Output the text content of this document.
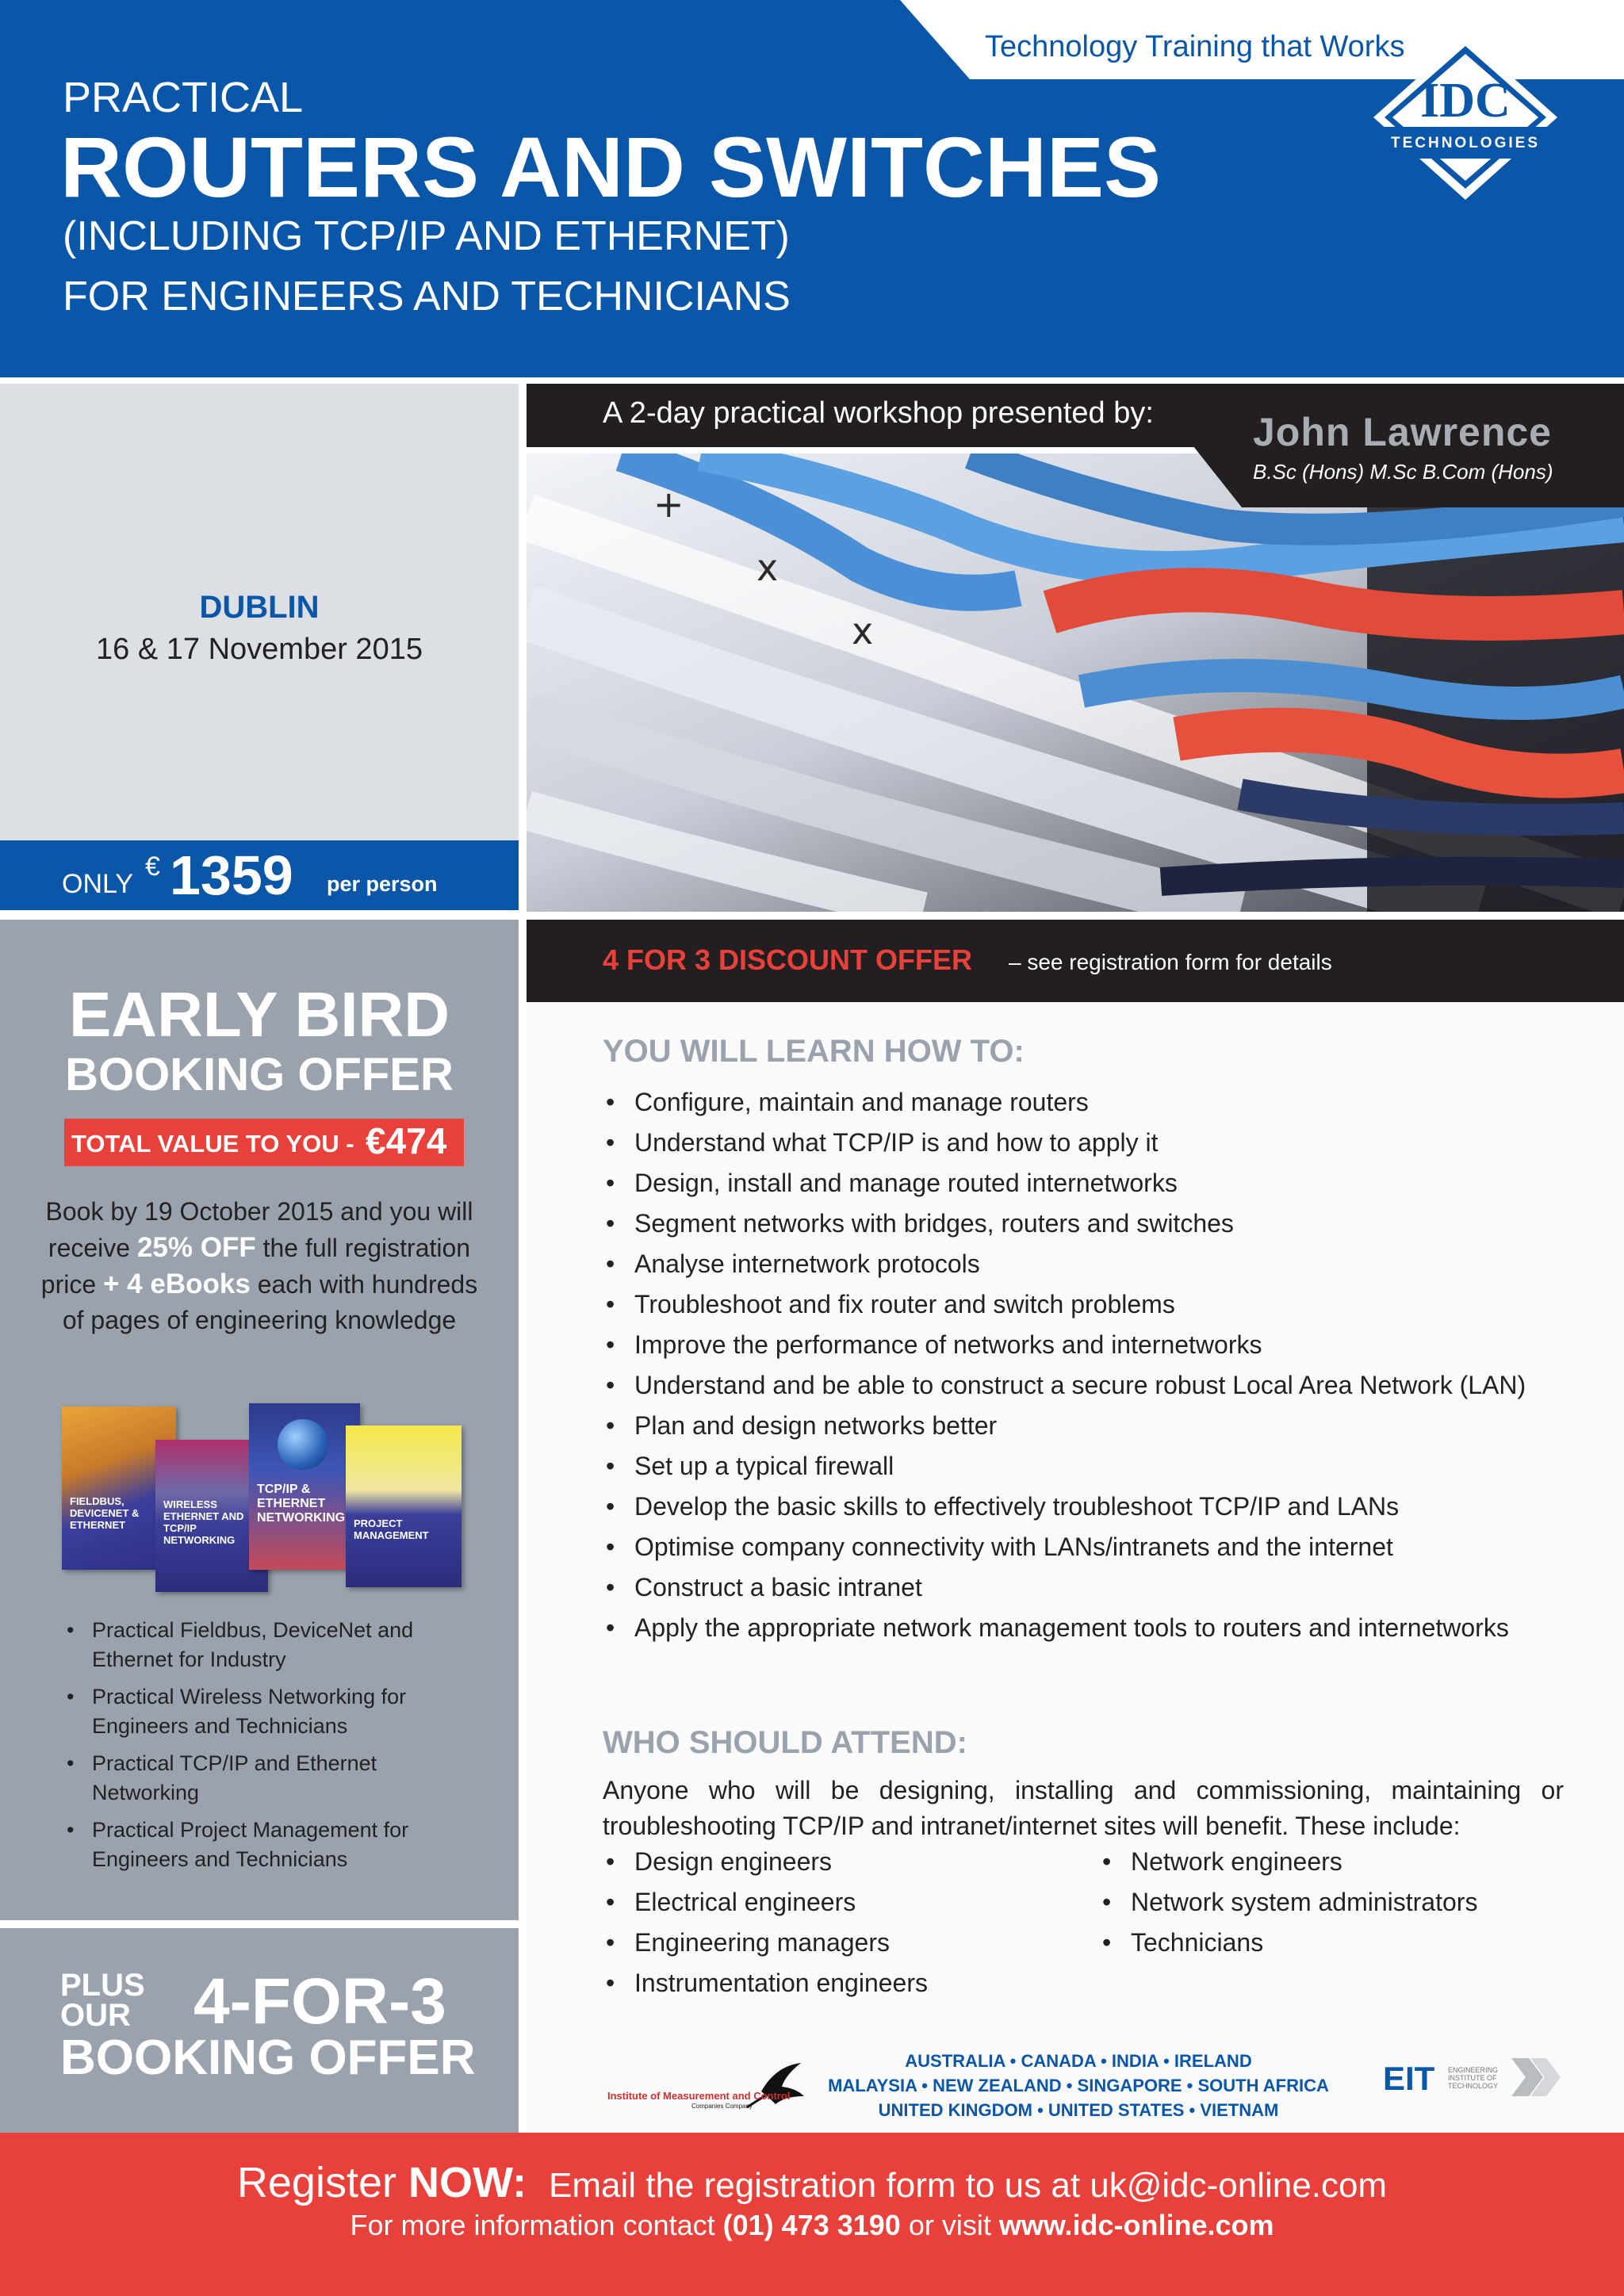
Technology Training that Works
IDC
TECHNOLOGIES
PRACTICAL
ROUTERS AND SWITCHES
(INCLUDING TCP/IP AND ETHERNET)
FOR ENGINEERS AND TECHNICIANS
DUBLIN
16 & 17 November 2015
ONLY
€ 1359 per person
EARLY BIRD
BOOKING OFFER
TOTAL VALUE TO YOU - €474
Book by 19 October 2015 and you will receive 25% OFF the full registration price + 4 eBooks each with hundreds of pages of engineering knowledge
FIELDBUS, DEVICENET & ETHERNET
WIRELESS ETHERNET AND TCP/IP NETWORKING
TCP/IP & ETHERNET NETWORKING PROJECT MANAGEMENT
• Practical Fieldbus, DeviceNet and Ethernet for Industry
• Practical Wireless Networking for Engineers and Technicians
• Practical TCP/IP and Ethernet Networking
• Practical Project Management for Engineers and Technicians
PLUS
OUR 4-FOR-3
BOOKING OFFER
A 2-day practical workshop presented by:
+
x
x
John Lawrence
B.Sc (Hons) M.Sc B.Com (Hons)
4 FOR 3 DISCOUNT OFFER – see registration form for details
YOU WILL LEARN HOW TO:
• Configure, maintain and manage routers
• Understand what TCP/IP is and how to apply it
• Design, install and manage routed internetworks
• Segment networks with bridges, routers and switches
• Analyse internetwork protocols
• Troubleshoot and fix router and switch problems
• Improve the performance of networks and internetworks
• Understand and be able to construct a secure robust Local Area Network (LAN)
• Plan and design networks better
• Set up a typical firewall
• Develop the basic skills to effectively troubleshoot TCP/IP and LANs
• Optimise company connectivity with LANs/intranets and the internet
• Construct a basic intranet
• Apply the appropriate network management tools to routers and internetworks
WHO SHOULD ATTEND:
Anyone who will be designing, installing and commissioning, maintaining or troubleshooting TCP/IP and intranet/internet sites will benefit. These include:
• Design engineers
• Electrical engineers
• Engineering managers
• Instrumentation engineers
• Network engineers
• Network system administrators
• Technicians
Institute of Measurement and Control
Companies Company
AUSTRALIA • CANADA • INDIA • IRELAND
MALAYSIA • NEW ZEALAND • SINGAPORE • SOUTH AFRICA
UNITED KINGDOM • UNITED STATES • VIETNAM
EIT ENGINEERING INSTITUTE OF TECHNOLOGY
Register NOW: Email the registration form to us at uk@idc-online.com
For more information contact (01) 473 3190 or visit www.idc-online.com
